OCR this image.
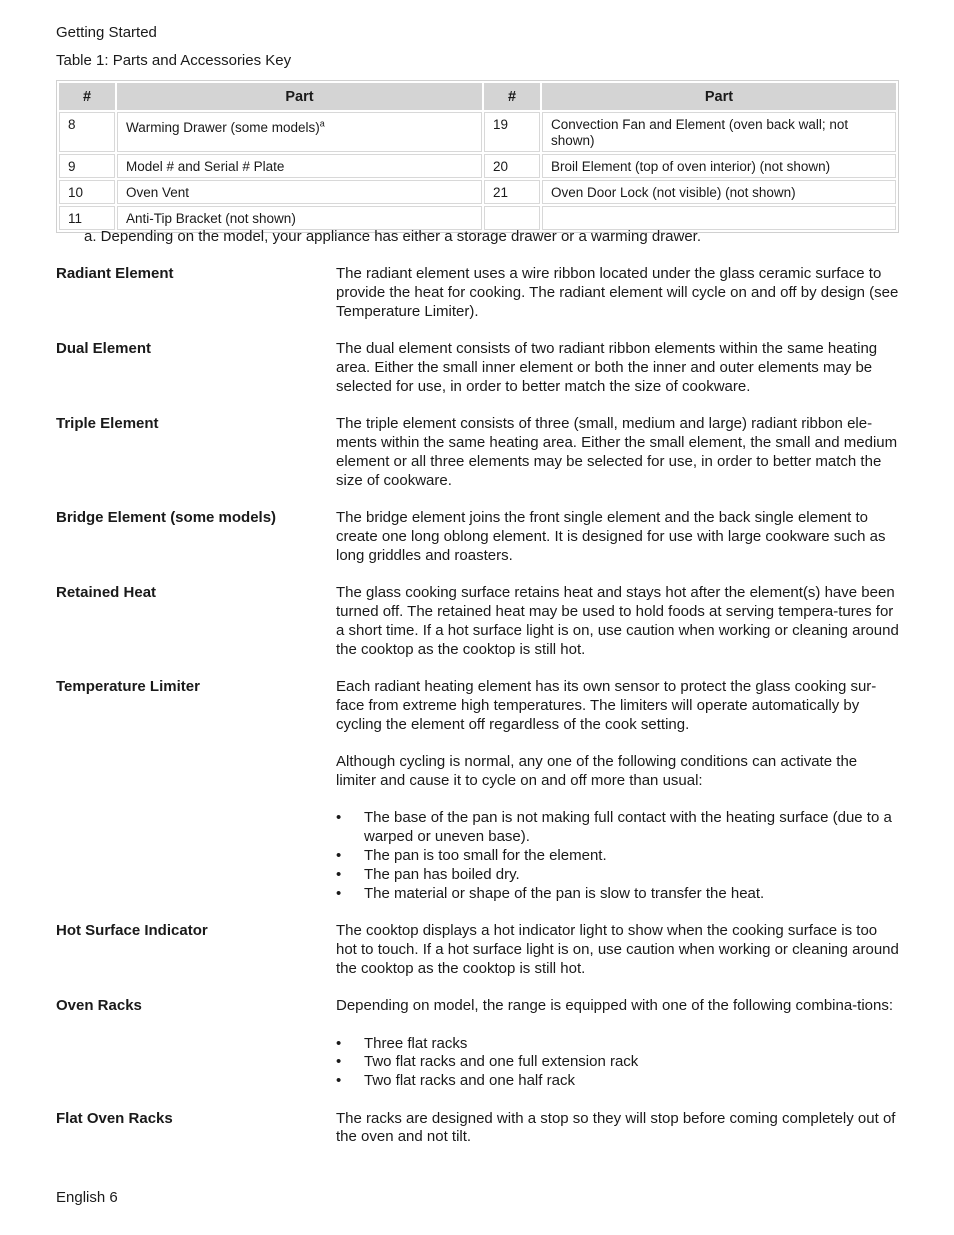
Getting Started
Table 1: Parts and Accessories Key
#	Part	#	Part
8	Warming Drawer (some models)$^a$	19	Convection Fan and Element (oven back wall; not shown)
9	Model # and Serial # Plate	20	Broil Element (top of oven interior) (not shown)
10	Oven Vent	21	Oven Door Lock (not visible) (not shown)
11	Anti-Tip Bracket (not shown)		
a. Depending on the model, your appliance has either a storage drawer or a warming drawer.
Radiant Element	The radiant element uses a wire ribbon located under the glass ceramic surface to provide the heat for cooking. The radiant element will cycle on and off by design (see Temperature Limiter).

Dual Element	The dual element consists of two radiant ribbon elements within the same heating area. Either the small inner element or both the inner and outer elements may be selected for use, in order to better match the size of cookware.

Triple Element	The triple element consists of three (small, medium and large) radiant ribbon ele-ments within the same heating area. Either the small element, the small and medium element or all three elements may be selected for use, in order to better match the size of cookware.

Bridge Element (some models)	The bridge element joins the front single element and the back single element to create one long oblong element. It is designed for use with large cookware such as long griddles and roasters.

Retained Heat	The glass cooking surface retains heat and stays hot after the element(s) have been turned off. The retained heat may be used to hold foods at serving tempera-tures for a short time. If a hot surface light is on, use caution when working or cleaning around the cooktop as the cooktop is still hot.

Temperature Limiter	Each radiant heating element has its own sensor to protect the glass cooking sur-face from extreme high temperatures. The limiters will operate automatically by cycling the element off regardless of the cook setting.

Although cycling is normal, any one of the following conditions can activate the limiter and cause it to cycle on and off more than usual:

• The base of the pan is not making full contact with the heating surface (due to a warped or uneven base).
• The pan is too small for the element.
• The pan has boiled dry.
• The material or shape of the pan is slow to transfer the heat.
Hot Surface Indicator	The cooktop displays a hot indicator light to show when the cooking surface is too hot to touch. If a hot surface light is on, use caution when working or cleaning around the cooktop as the cooktop is still hot.

Oven Racks	Depending on model, the range is equipped with one of the following combina-tions:

• Three flat racks
• Two flat racks and one full extension rack
• Two flat racks and one half rack
Flat Oven Racks	The racks are designed with a stop so they will stop before coming completely out of the oven and not tilt.

English 6
